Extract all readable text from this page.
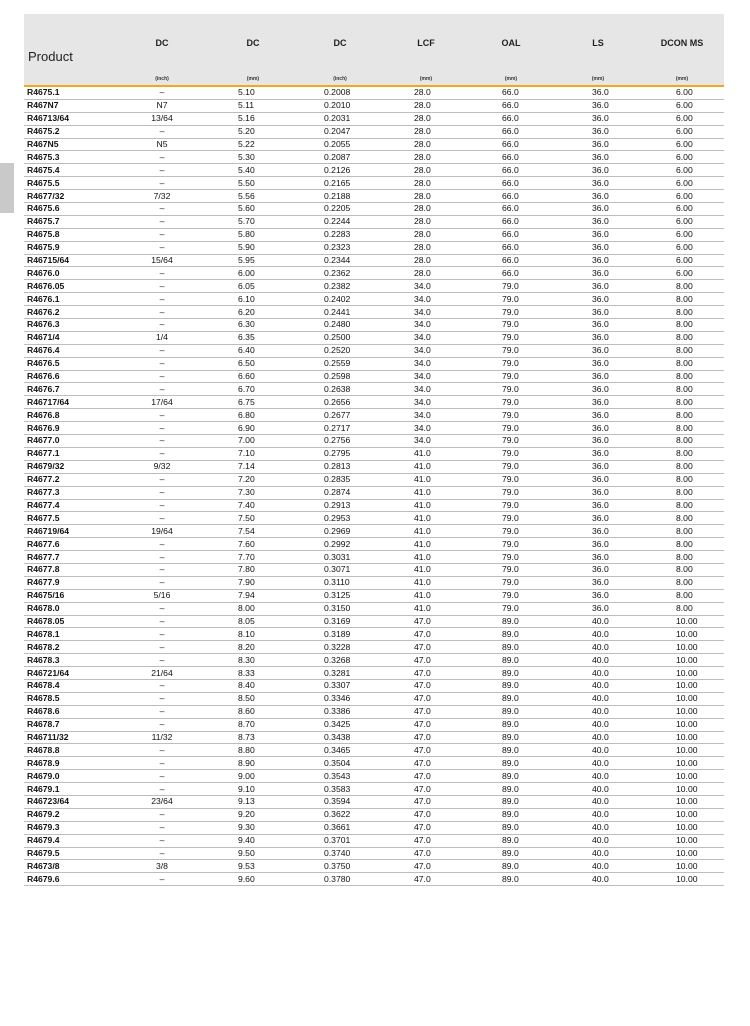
Product	DC	DC	DC	LCF	OAL	LS	DCON MS
	(inch)	(mm)	(inch)	(mm)	(mm)	(mm)	(mm)
R4675.1	–	5.10	0.2008	28.0	66.0	36.0	6.00
R467N7	N7	5.11	0.2010	28.0	66.0	36.0	6.00
R46713/64	13/64	5.16	0.2031	28.0	66.0	36.0	6.00
R4675.2	–	5.20	0.2047	28.0	66.0	36.0	6.00
R467N5	N5	5.22	0.2055	28.0	66.0	36.0	6.00
R4675.3	–	5.30	0.2087	28.0	66.0	36.0	6.00
R4675.4	–	5.40	0.2126	28.0	66.0	36.0	6.00
R4675.5	–	5.50	0.2165	28.0	66.0	36.0	6.00
R4677/32	7/32	5.56	0.2188	28.0	66.0	36.0	6.00
R4675.6	–	5.60	0.2205	28.0	66.0	36.0	6.00
R4675.7	–	5.70	0.2244	28.0	66.0	36.0	6.00
R4675.8	–	5.80	0.2283	28.0	66.0	36.0	6.00
R4675.9	–	5.90	0.2323	28.0	66.0	36.0	6.00
R46715/64	15/64	5.95	0.2344	28.0	66.0	36.0	6.00
R4676.0	–	6.00	0.2362	28.0	66.0	36.0	6.00
R4676.05	–	6.05	0.2382	34.0	79.0	36.0	8.00
R4676.1	–	6.10	0.2402	34.0	79.0	36.0	8.00
R4676.2	–	6.20	0.2441	34.0	79.0	36.0	8.00
R4676.3	–	6.30	0.2480	34.0	79.0	36.0	8.00
R4671/4	1/4	6.35	0.2500	34.0	79.0	36.0	8.00
R4676.4	–	6.40	0.2520	34.0	79.0	36.0	8.00
R4676.5	–	6.50	0.2559	34.0	79.0	36.0	8.00
R4676.6	–	6.60	0.2598	34.0	79.0	36.0	8.00
R4676.7	–	6.70	0.2638	34.0	79.0	36.0	8.00
R46717/64	17/64	6.75	0.2656	34.0	79.0	36.0	8.00
R4676.8	–	6.80	0.2677	34.0	79.0	36.0	8.00
R4676.9	–	6.90	0.2717	34.0	79.0	36.0	8.00
R4677.0	–	7.00	0.2756	34.0	79.0	36.0	8.00
R4677.1	–	7.10	0.2795	41.0	79.0	36.0	8.00
R4679/32	9/32	7.14	0.2813	41.0	79.0	36.0	8.00
R4677.2	–	7.20	0.2835	41.0	79.0	36.0	8.00
R4677.3	–	7.30	0.2874	41.0	79.0	36.0	8.00
R4677.4	–	7.40	0.2913	41.0	79.0	36.0	8.00
R4677.5	–	7.50	0.2953	41.0	79.0	36.0	8.00
R46719/64	19/64	7.54	0.2969	41.0	79.0	36.0	8.00
R4677.6	–	7.60	0.2992	41.0	79.0	36.0	8.00
R4677.7	–	7.70	0.3031	41.0	79.0	36.0	8.00
R4677.8	–	7.80	0.3071	41.0	79.0	36.0	8.00
R4677.9	–	7.90	0.3110	41.0	79.0	36.0	8.00
R4675/16	5/16	7.94	0.3125	41.0	79.0	36.0	8.00
R4678.0	–	8.00	0.3150	41.0	79.0	36.0	8.00
R4678.05	–	8.05	0.3169	47.0	89.0	40.0	10.00
R4678.1	–	8.10	0.3189	47.0	89.0	40.0	10.00
R4678.2	–	8.20	0.3228	47.0	89.0	40.0	10.00
R4678.3	–	8.30	0.3268	47.0	89.0	40.0	10.00
R46721/64	21/64	8.33	0.3281	47.0	89.0	40.0	10.00
R4678.4	–	8.40	0.3307	47.0	89.0	40.0	10.00
R4678.5	–	8.50	0.3346	47.0	89.0	40.0	10.00
R4678.6	–	8.60	0.3386	47.0	89.0	40.0	10.00
R4678.7	–	8.70	0.3425	47.0	89.0	40.0	10.00
R46711/32	11/32	8.73	0.3438	47.0	89.0	40.0	10.00
R4678.8	–	8.80	0.3465	47.0	89.0	40.0	10.00
R4678.9	–	8.90	0.3504	47.0	89.0	40.0	10.00
R4679.0	–	9.00	0.3543	47.0	89.0	40.0	10.00
R4679.1	–	9.10	0.3583	47.0	89.0	40.0	10.00
R46723/64	23/64	9.13	0.3594	47.0	89.0	40.0	10.00
R4679.2	–	9.20	0.3622	47.0	89.0	40.0	10.00
R4679.3	–	9.30	0.3661	47.0	89.0	40.0	10.00
R4679.4	–	9.40	0.3701	47.0	89.0	40.0	10.00
R4679.5	–	9.50	0.3740	47.0	89.0	40.0	10.00
R4673/8	3/8	9.53	0.3750	47.0	89.0	40.0	10.00
R4679.6	–	9.60	0.3780	47.0	89.0	40.0	10.00
